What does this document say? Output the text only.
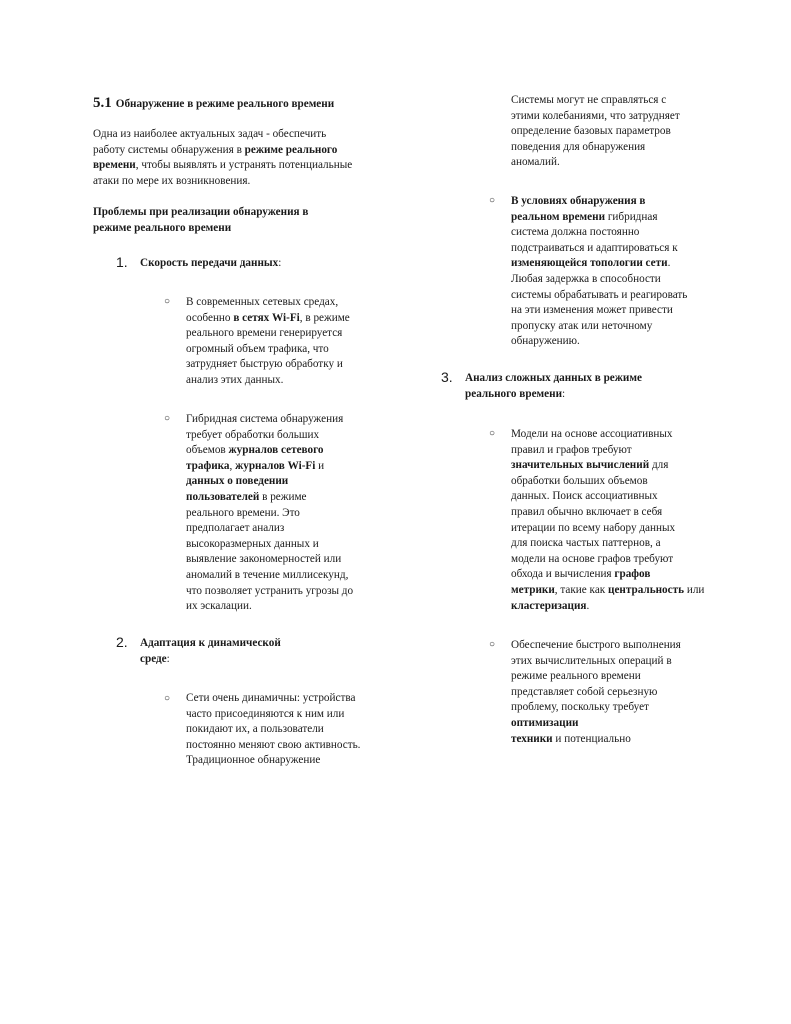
5.1 Обнаружение в режиме реального времени

Одна из наиболее актуальных задач - обеспечить
работу системы обнаружения в режиме реального
времени, чтобы выявлять и устранять потенциальные
атаки по мере их возникновения.

Проблемы при реализации обнаружения в
режиме реального времени

1. Скорость передачи данных:

○ В современных сетевых средах,
особенно в сетях Wi-Fi, в режиме
реального времени генерируется
огромный объем трафика, что
затрудняет быструю обработку и
анализ этих данных.

○ Гибридная система обнаружения
требует обработки больших
объемов журналов сетевого
трафика, журналов Wi-Fi и
данных о поведении
пользователей в режиме
реального времени. Это
предполагает анализ
высокоразмерных данных и
выявление закономерностей или
аномалий в течение миллисекунд,
что позволяет устранить угрозы до
их эскалации.

2. Адаптация к динамической
среде:

○ Сети очень динамичны: устройства
часто присоединяются к ним или
покидают их, а пользователи
постоянно меняют свою активность.
Традиционное обнаружение

Системы могут не справляться с
этими колебаниями, что затрудняет
определение базовых параметров
поведения для обнаружения
аномалий.

○ В условиях обнаружения в
реальном времени гибридная
система должна постоянно
подстраиваться и адаптироваться к
изменяющейся топологии сети.
Любая задержка в способности
системы обрабатывать и реагировать
на эти изменения может привести
пропуску атак или неточному
обнаружению.

3. Анализ сложных данных в режиме
реального времени:

○ Модели на основе ассоциативных
правил и графов требуют
значительных вычислений для
обработки больших объемов
данных. Поиск ассоциативных
правил обычно включает в себя
итерации по всему набору данных
для поиска частых паттернов, а
модели на основе графов требуют
обхода и вычисления графов
метрики, такие как центральность или
кластеризация.

○ Обеспечение быстрого выполнения
этих вычислительных операций в
режиме реального времени
представляет собой серьезную
проблему, поскольку требует
оптимизации
техники и потенциально
